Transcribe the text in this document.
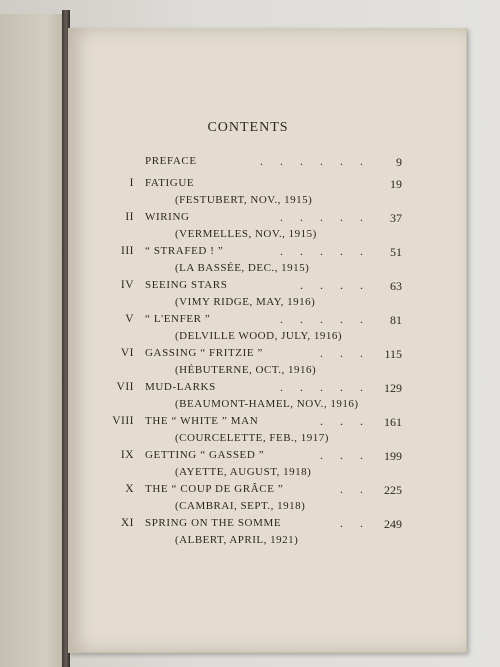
CONTENTS
PREFACE	. . . . . . 9
I FATIGUE	19
(FESTUBERT, NOV., 1915)
II WIRING	. . . . . 37
(VERMELLES, NOV., 1915)
III “ STRAFED ! ”	. . . . . 51
(LA BASSÉE, DEC., 1915)
IV SEEING STARS	. . . . 63
(VIMY RIDGE, MAY, 1916)
V “ L'ENFER ”	. . . . . 81
(DELVILLE WOOD, JULY, 1916)
VI GASSING “ FRITZIE ”	. . . 115
(HÉBUTERNE, OCT., 1916)
VII MUD-LARKS	. . . . . 129
(BEAUMONT-HAMEL, NOV., 1916)
VIII THE “ WHITE ” MAN	. . . 161
(COURCELETTE, FEB., 1917)
IX GETTING “ GASSED ”	. . . 199
(AYETTE, AUGUST, 1918)
X THE “ COUP DE GRÂCE ”	. . 225
(CAMBRAI, SEPT., 1918)
XI SPRING ON THE SOMME	. . 249
(ALBERT, APRIL, 1921)
